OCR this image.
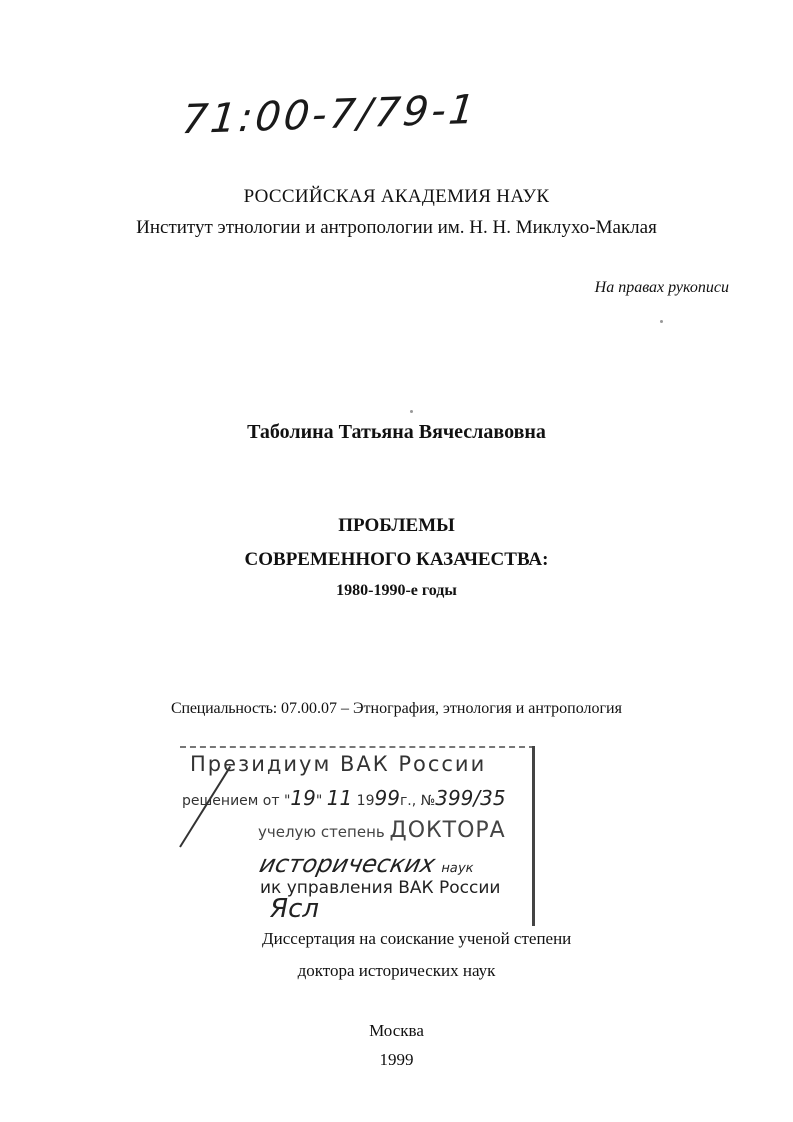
71:00-7/79-1
РОССИЙСКАЯ АКАДЕМИЯ НАУК
Институт этнологии и антропологии им. Н. Н. Миклухо-Маклая
На правах рукописи
Таболина Татьяна Вячеславовна
ПРОБЛЕМЫ
СОВРЕМЕННОГО КАЗАЧЕСТВА:
1980-1990-е годы
Специальность: 07.00.07 – Этнография, этнология и антропология
Президиум ВАК России
решением от "19" 11 1999г., №399/35
учелую степень ДОКТОРА
исторических наук
ик управления ВАК России
Ясл
Диссертация на соискание ученой степени
доктора исторических наук
Москва
1999
